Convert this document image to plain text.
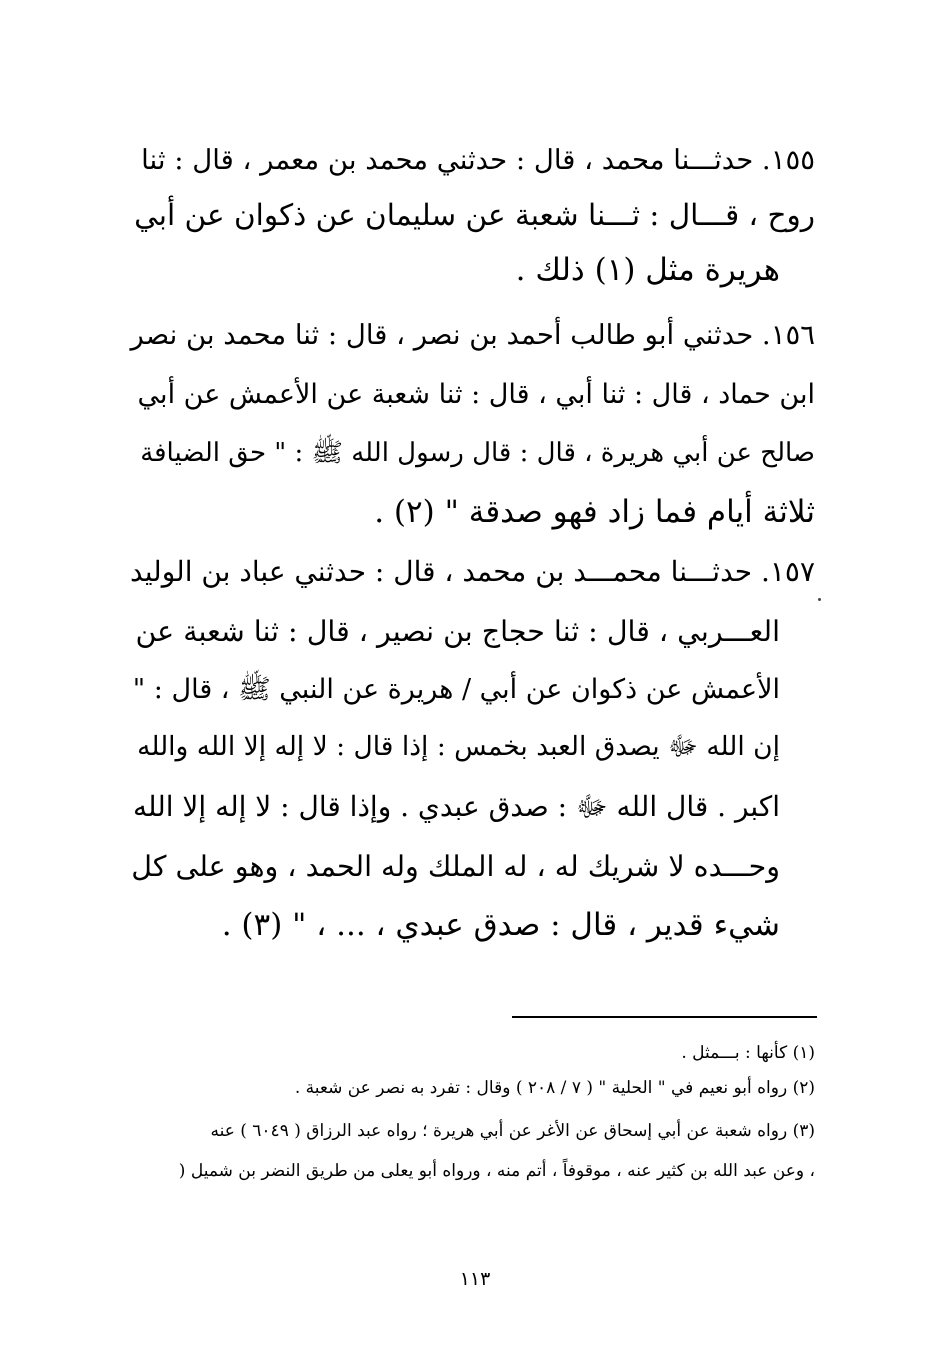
١٥٥. حدثـــنا محمد ، قال : حدثني محمد بن معمر ، قال : ثنا
روح ، قـــال : ثـــنا شعبة عن سليمان عن ذكوان عن أبي
هريرة مثل (١) ذلك .
١٥٦. حدثني أبو طالب أحمد بن نصر ، قال : ثنا محمد بن نصر
ابن حماد ، قال : ثنا أبي ، قال : ثنا شعبة عن الأعمش عن أبي
صالح عن أبي هريرة ، قال : قال رسول الله ﷺ : " حق الضيافة
ثلاثة أيام فما زاد فهو صدقة " (٢) .
١٥٧. حدثـــنا محمـــد بن محمد ، قال : حدثني عباد بن الوليد
العـــربي ، قال : ثنا حجاج بن نصير ، قال : ثنا شعبة عن
الأعمش عن ذكوان عن أبي / هريرة عن النبي ﷺ ، قال : "
إن الله ﷻ يصدق العبد بخمس : إذا قال : لا إله إلا الله والله
اكبر . قال الله ﷻ : صدق عبدي . وإذا قال : لا إله إلا الله
وحـــده لا شريك له ، له الملك وله الحمد ، وهو على كل
شيء قدير ، قال : صدق عبدي ، ... ، " (٣) .
(١) كأنها : بـــمثل .
(٢) رواه أبو نعيم في " الحلية " ( ٧ / ٢٠٨ ) وقال : تفرد به نصر عن شعبة .
(٣) رواه شعبة عن أبي إسحاق عن الأغر عن أبي هريرة ؛ رواه عبد الرزاق ( ٦٠٤٩ ) عنه
، وعن عبد الله بن كثير عنه ، موقوفاً ، أتم منه ، ورواه أبو يعلى من طريق النضر بن شميل (
١١٣
